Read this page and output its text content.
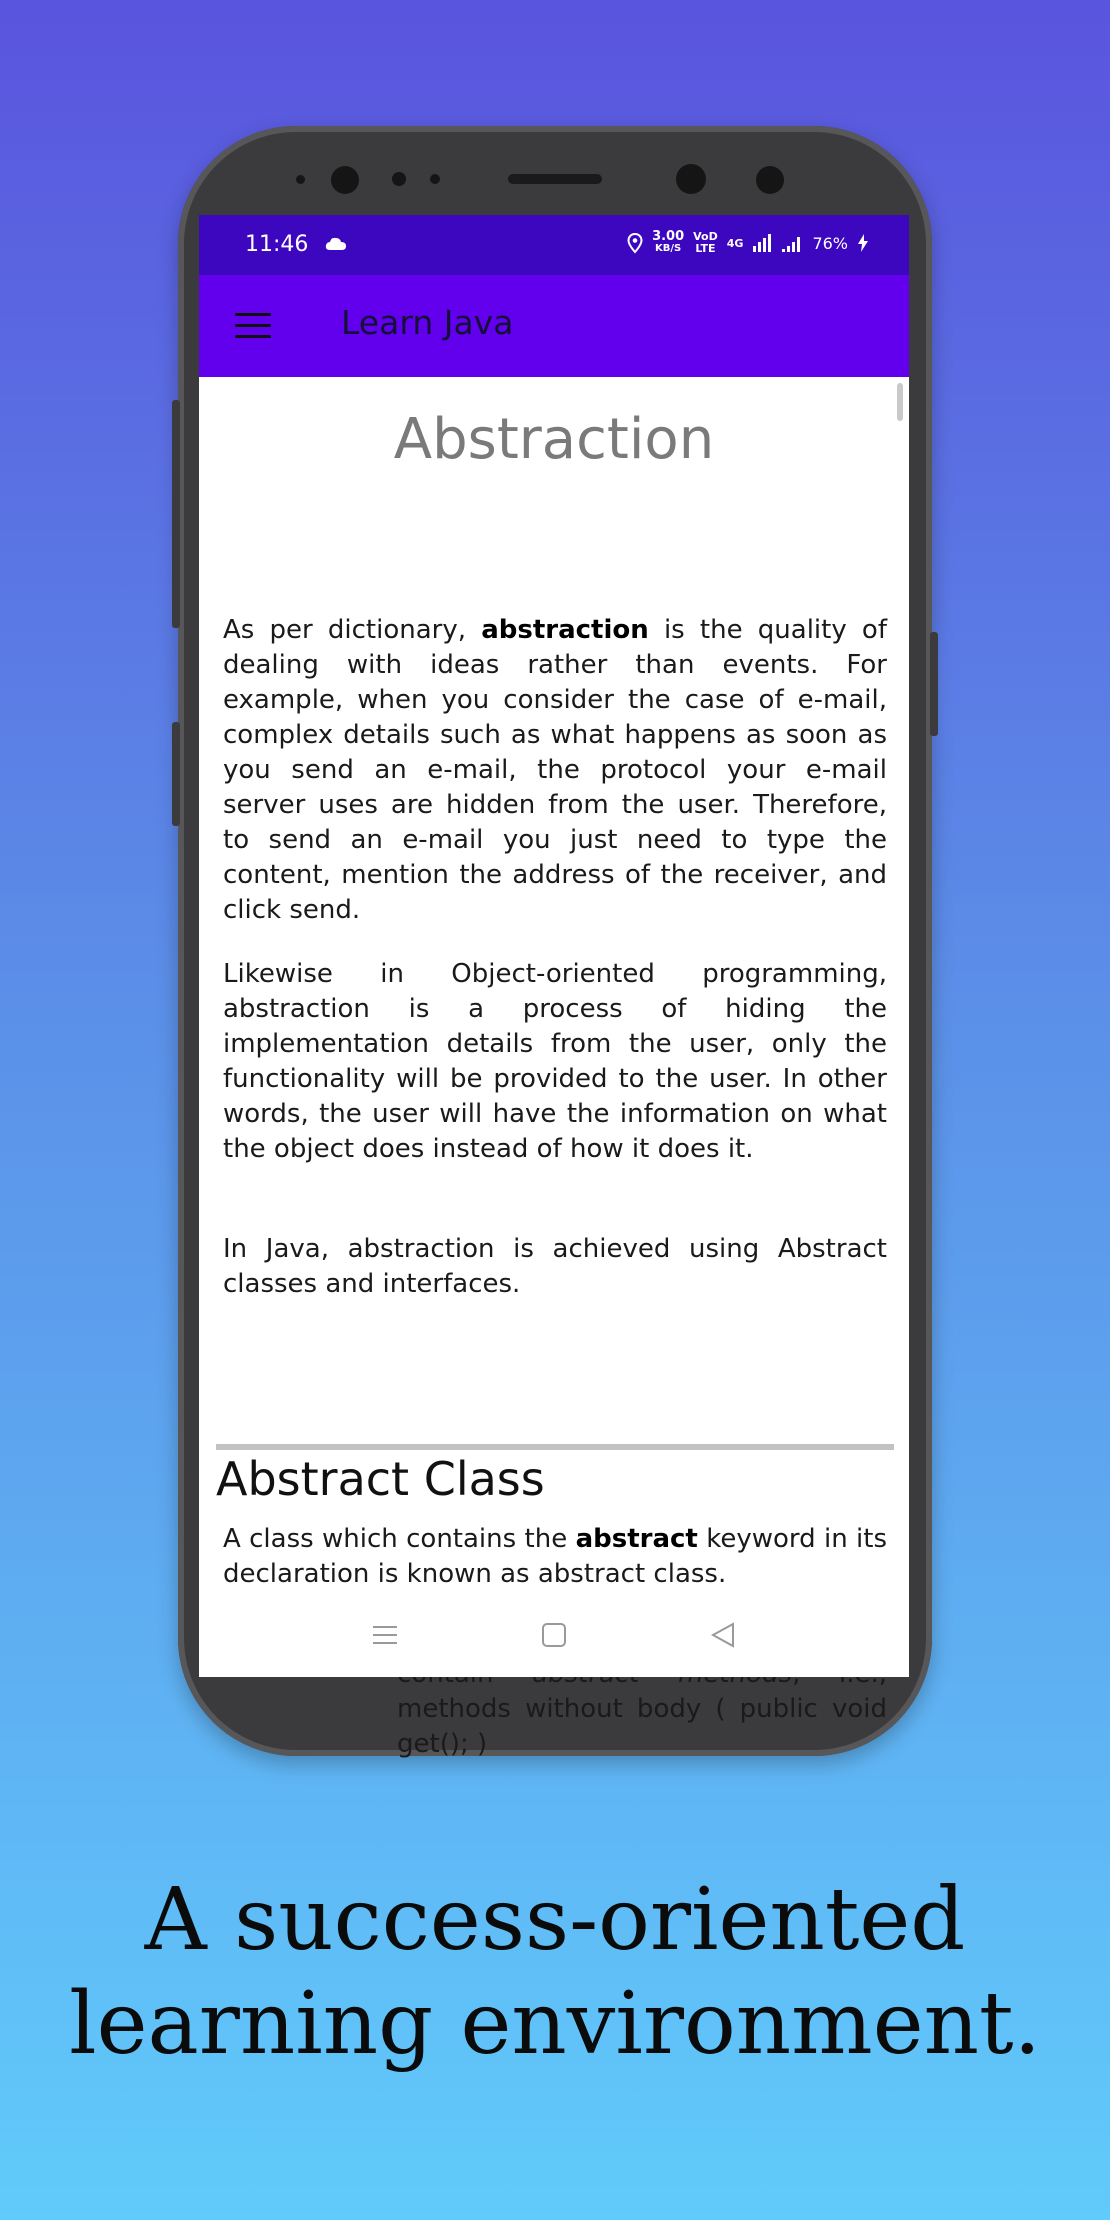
11:46	3.00
KB/S
VoD
LTE 4G	76%
Learn Java
Abstraction

As per dictionary, abstraction is the quality of dealing with ideas rather than events. For example, when you consider the case of e-mail, complex details such as what happens as soon as you send an e-mail, the protocol your e-mail server uses are hidden from the user. Therefore, to send an e-mail you just need to type the content, mention the address of the receiver, and click send.
Likewise in Object-oriented programming, abstraction is a process of hiding the implementation details from the user, only the functionality will be provided to the user. In other words, the user will have the information on what the object does instead of how it does it.
In Java, abstraction is achieved using Abstract classes and interfaces.
Abstract Class
A class which contains the abstract keyword in its declaration is known as abstract class.
methods without body ( public void get(); )
A success-oriented
learning environment.
